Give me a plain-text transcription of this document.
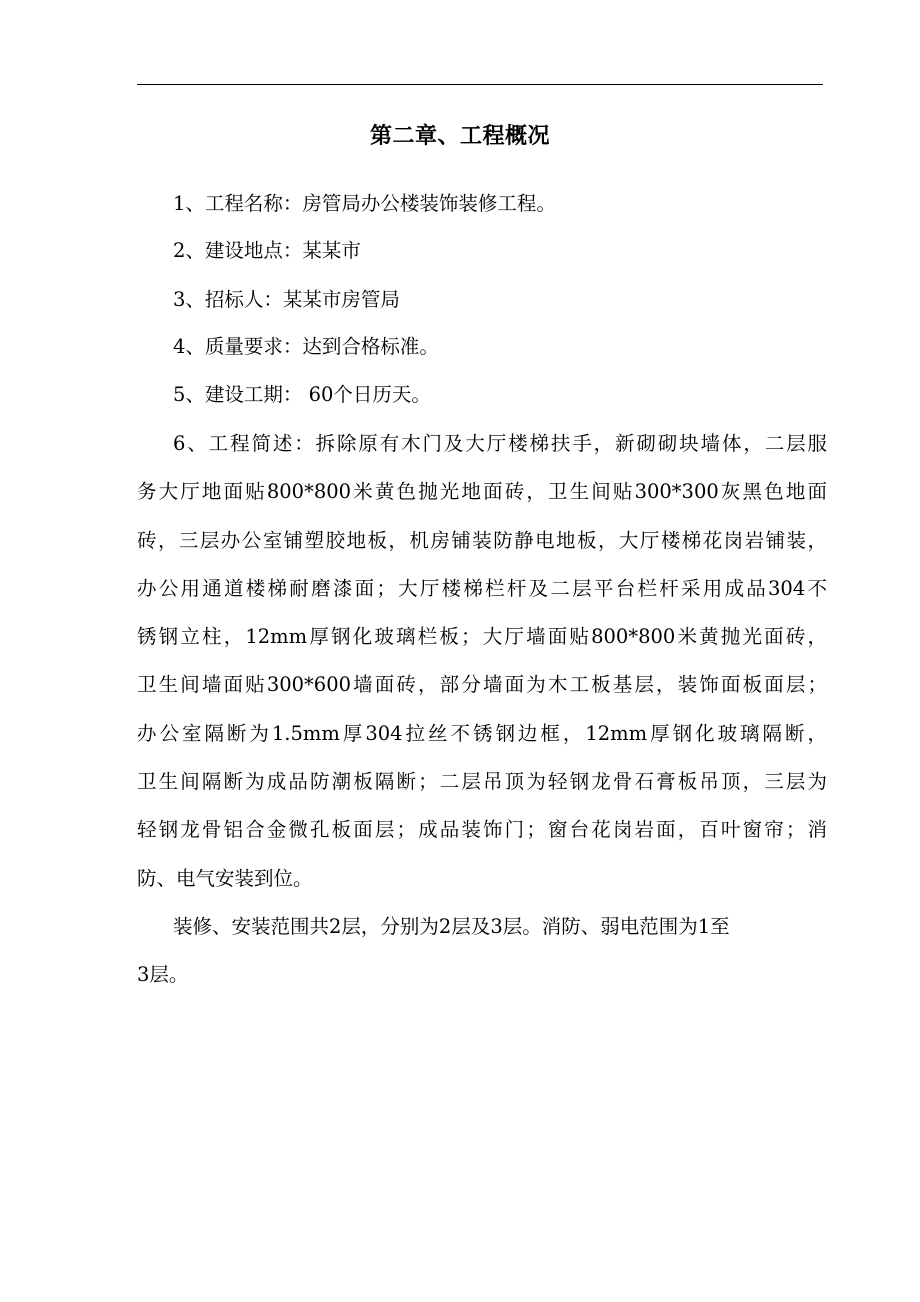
第二章、工程概况
1、工程名称：房管局办公楼装饰装修工程。
2、建设地点：某某市
3、招标人：某某市房管局
4、质量要求：达到合格标准。
5、建设工期： 60个日历天。
6、工程简述：拆除原有木门及大厅楼梯扶手，新砌砌块墙体，二层服
务大厅地面贴800*800米黄色抛光地面砖，卫生间贴300*300灰黑色地面
砖，三层办公室铺塑胶地板，机房铺装防静电地板，大厅楼梯花岗岩铺装，
办公用通道楼梯耐磨漆面；大厅楼梯栏杆及二层平台栏杆采用成品304不
锈钢立柱，12mm厚钢化玻璃栏板；大厅墙面贴800*800米黄抛光面砖，
卫生间墙面贴300*600墙面砖，部分墙面为木工板基层，装饰面板面层；
办公室隔断为1.5mm厚304拉丝不锈钢边框，12mm厚钢化玻璃隔断，
卫生间隔断为成品防潮板隔断；二层吊顶为轻钢龙骨石膏板吊顶，三层为
轻钢龙骨铝合金微孔板面层；成品装饰门；窗台花岗岩面，百叶窗帘；消
防、电气安装到位。
装修、安装范围共2层，分别为2层及3层。消防、弱电范围为1至
3层。
